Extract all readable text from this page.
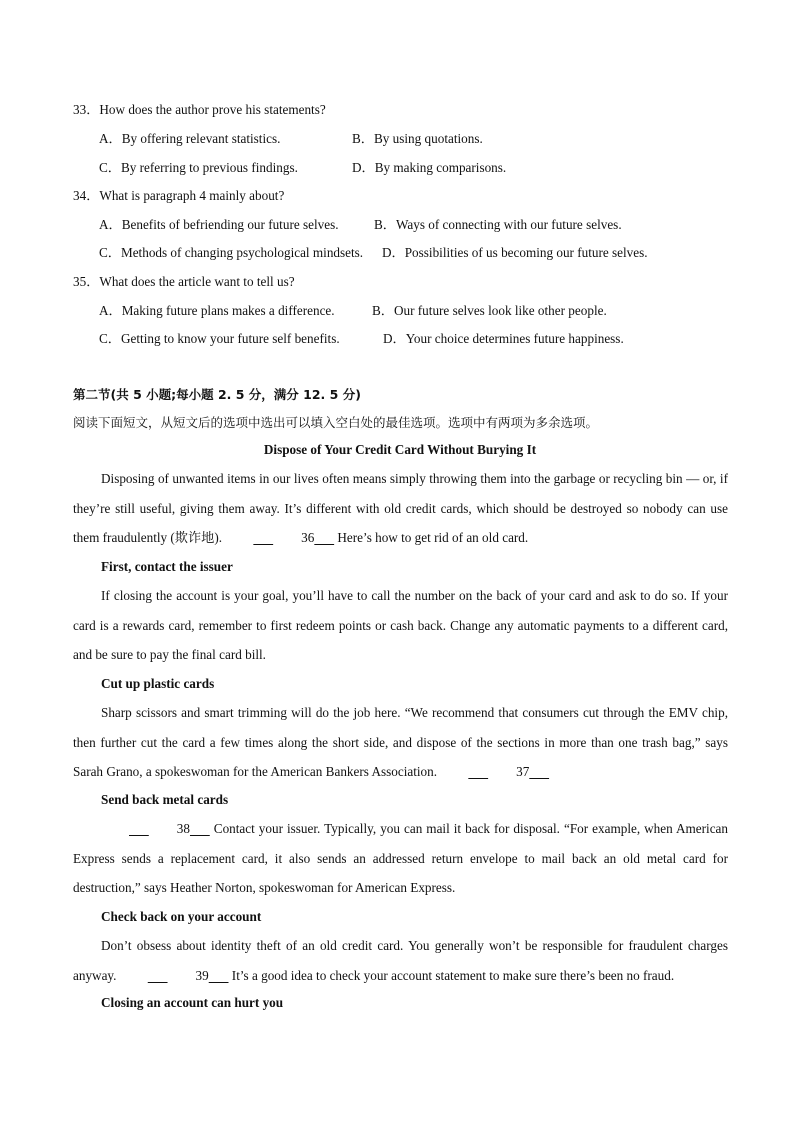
33．How does the author prove his statements?
A．By offering relevant statistics.	B．By using quotations.
C．By referring to previous findings.	D．By making comparisons.
34．What is paragraph 4 mainly about?
A．Benefits of befriending our future selves.	B．Ways of connecting with our future selves.
C．Methods of changing psychological mindsets. D．Possibilities of us becoming our future selves.
35．What does the article want to tell us?
A．Making future plans makes a difference.	B．Our future selves look like other people.
C．Getting to know your future self benefits.	D．Your choice determines future happiness.
第二节(共 5 小题;每小题 2. 5 分，满分 12. 5 分)
阅读下面短文，从短文后的选项中选出可以填入空白处的最佳选项。选项中有两项为多余选项。
Dispose of Your Credit Card Without Burying It
Disposing of unwanted items in our lives often means simply throwing them into the garbage or recycling bin — or, if they’re still useful, giving them away. It’s different with old credit cards, which should be destroyed so nobody can use them fraudulently (欺诈地).	36       Here’s how to get rid of an old card.
First, contact the issuer
If closing the account is your goal, you’ll have to call the number on the back of your card and ask to do so. If your card is a rewards card, remember to first redeem points or cash back. Change any automatic payments to a different card, and be sure to pay the final card bill.
Cut up plastic cards
Sharp scissors and smart trimming will do the job here. “We recommend that consumers cut through the EMV chip, then further cut the card a few times along the short side, and dispose of the sections in more than one trash bag,” says Sarah Grano, a spokeswoman for the American Bankers Association.	37
Send back metal cards
38       Contact your issuer. Typically, you can mail it back for disposal. “For example, when American Express sends a replacement card, it also sends an addressed return envelope to mail back an old metal card for destruction,” says Heather Norton, spokeswoman for American Express.
Check back on your account
Don’t obsess about identity theft of an old credit card. You generally won’t be responsible for fraudulent charges anyway.	39       It’s a good idea to check your account statement to make sure there’s been no fraud.
Closing an account can hurt you
